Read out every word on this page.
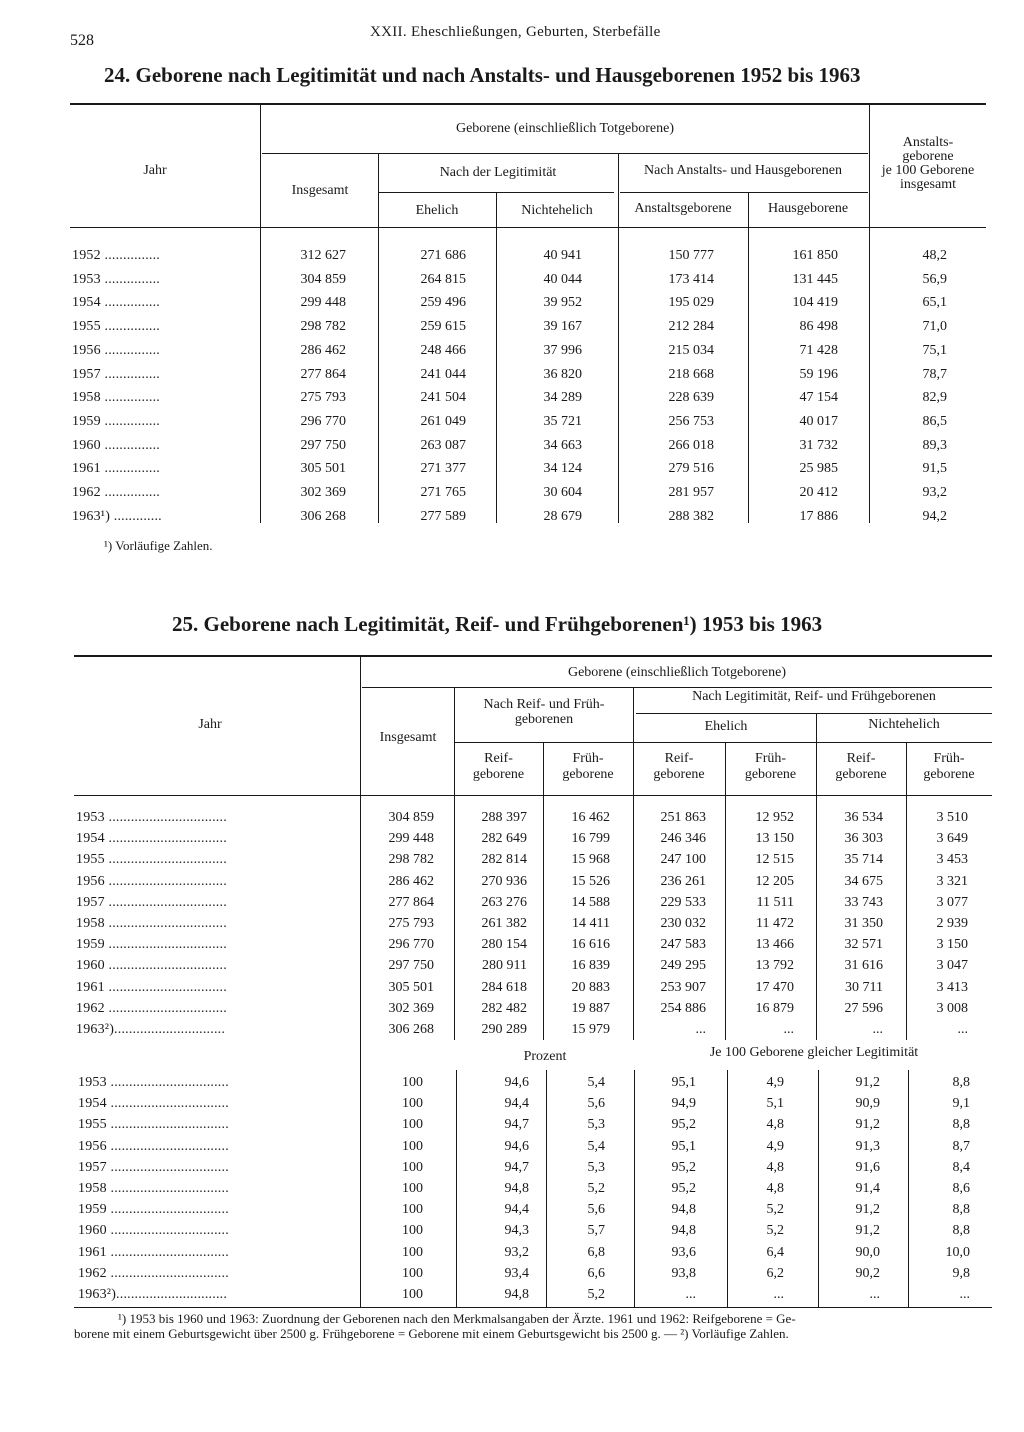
528	XXII. Eheschließungen, Geburten, Sterbefälle
24. Geborene nach Legitimität und nach Anstalts- und Hausgeborenen 1952 bis 1963
Jahr
Geborene (einschließlich Totgeborene)
Insgesamt
Nach der Legitimität
Ehelich	Nichtehelich
Nach Anstalts- und Hausgeborenen
Anstaltsgeborene	Hausgeborene
Anstalts-
geborene
je 100 Geborene
insgesamt
1952 ...............	312 627	271 686	40 941	150 777	161 850	48,2
1953 ...............	304 859	264 815	40 044	173 414	131 445	56,9
1954 ...............	299 448	259 496	39 952	195 029	104 419	65,1
1955 ...............	298 782	259 615	39 167	212 284	86 498	71,0
1956 ...............	286 462	248 466	37 996	215 034	71 428	75,1
1957 ...............	277 864	241 044	36 820	218 668	59 196	78,7
1958 ...............	275 793	241 504	34 289	228 639	47 154	82,9
1959 ...............	296 770	261 049	35 721	256 753	40 017	86,5
1960 ...............	297 750	263 087	34 663	266 018	31 732	89,3
1961 ...............	305 501	271 377	34 124	279 516	25 985	91,5
1962 ...............	302 369	271 765	30 604	281 957	20 412	93,2
1963¹) .............	306 268	277 589	28 679	288 382	17 886	94,2
¹) Vorläufige Zahlen.
25. Geborene nach Legitimität, Reif- und Frühgeborenen¹) 1953 bis 1963
Jahr
Geborene (einschließlich Totgeborene)
Insgesamt
Nach Reif- und Früh-
geborenen
Nach Legitimität, Reif- und Frühgeborenen
Ehelich	Nichtehelich
Reif-
geborene
Früh-
geborene
Reif-
geborene
Früh-
geborene
Reif-
geborene
Früh-
geborene
1953 ................................	304 859	288 397	16 462	251 863	12 952	36 534	3 510
1954 ................................	299 448	282 649	16 799	246 346	13 150	36 303	3 649
1955 ................................	298 782	282 814	15 968	247 100	12 515	35 714	3 453
1956 ................................	286 462	270 936	15 526	236 261	12 205	34 675	3 321
1957 ................................	277 864	263 276	14 588	229 533	11 511	33 743	3 077
1958 ................................	275 793	261 382	14 411	230 032	11 472	31 350	2 939
1959 ................................	296 770	280 154	16 616	247 583	13 466	32 571	3 150
1960 ................................	297 750	280 911	16 839	249 295	13 792	31 616	3 047
1961 ................................	305 501	284 618	20 883	253 907	17 470	30 711	3 413
1962 ................................	302 369	282 482	19 887	254 886	16 879	27 596	3 008
1963²)..............................	306 268	290 289	15 979	...	...	...	...
Prozent	Je 100 Geborene gleicher Legitimität
1953 ................................	100	94,6	5,4	95,1	4,9	91,2	8,8
1954 ................................	100	94,4	5,6	94,9	5,1	90,9	9,1
1955 ................................	100	94,7	5,3	95,2	4,8	91,2	8,8
1956 ................................	100	94,6	5,4	95,1	4,9	91,3	8,7
1957 ................................	100	94,7	5,3	95,2	4,8	91,6	8,4
1958 ................................	100	94,8	5,2	95,2	4,8	91,4	8,6
1959 ................................	100	94,4	5,6	94,8	5,2	91,2	8,8
1960 ................................	100	94,3	5,7	94,8	5,2	91,2	8,8
1961 ................................	100	93,2	6,8	93,6	6,4	90,0	10,0
1962 ................................	100	93,4	6,6	93,8	6,2	90,2	9,8
1963²)..............................	100	94,8	5,2	...	...	...	...
¹) 1953 bis 1960 und 1963: Zuordnung der Geborenen nach den Merkmalsangaben der Ärzte. 1961 und 1962: Reifgeborene = Ge-
borene mit einem Geburtsgewicht über 2500 g. Frühgeborene = Geborene mit einem Geburtsgewicht bis 2500 g. — ²) Vorläufige Zahlen.
